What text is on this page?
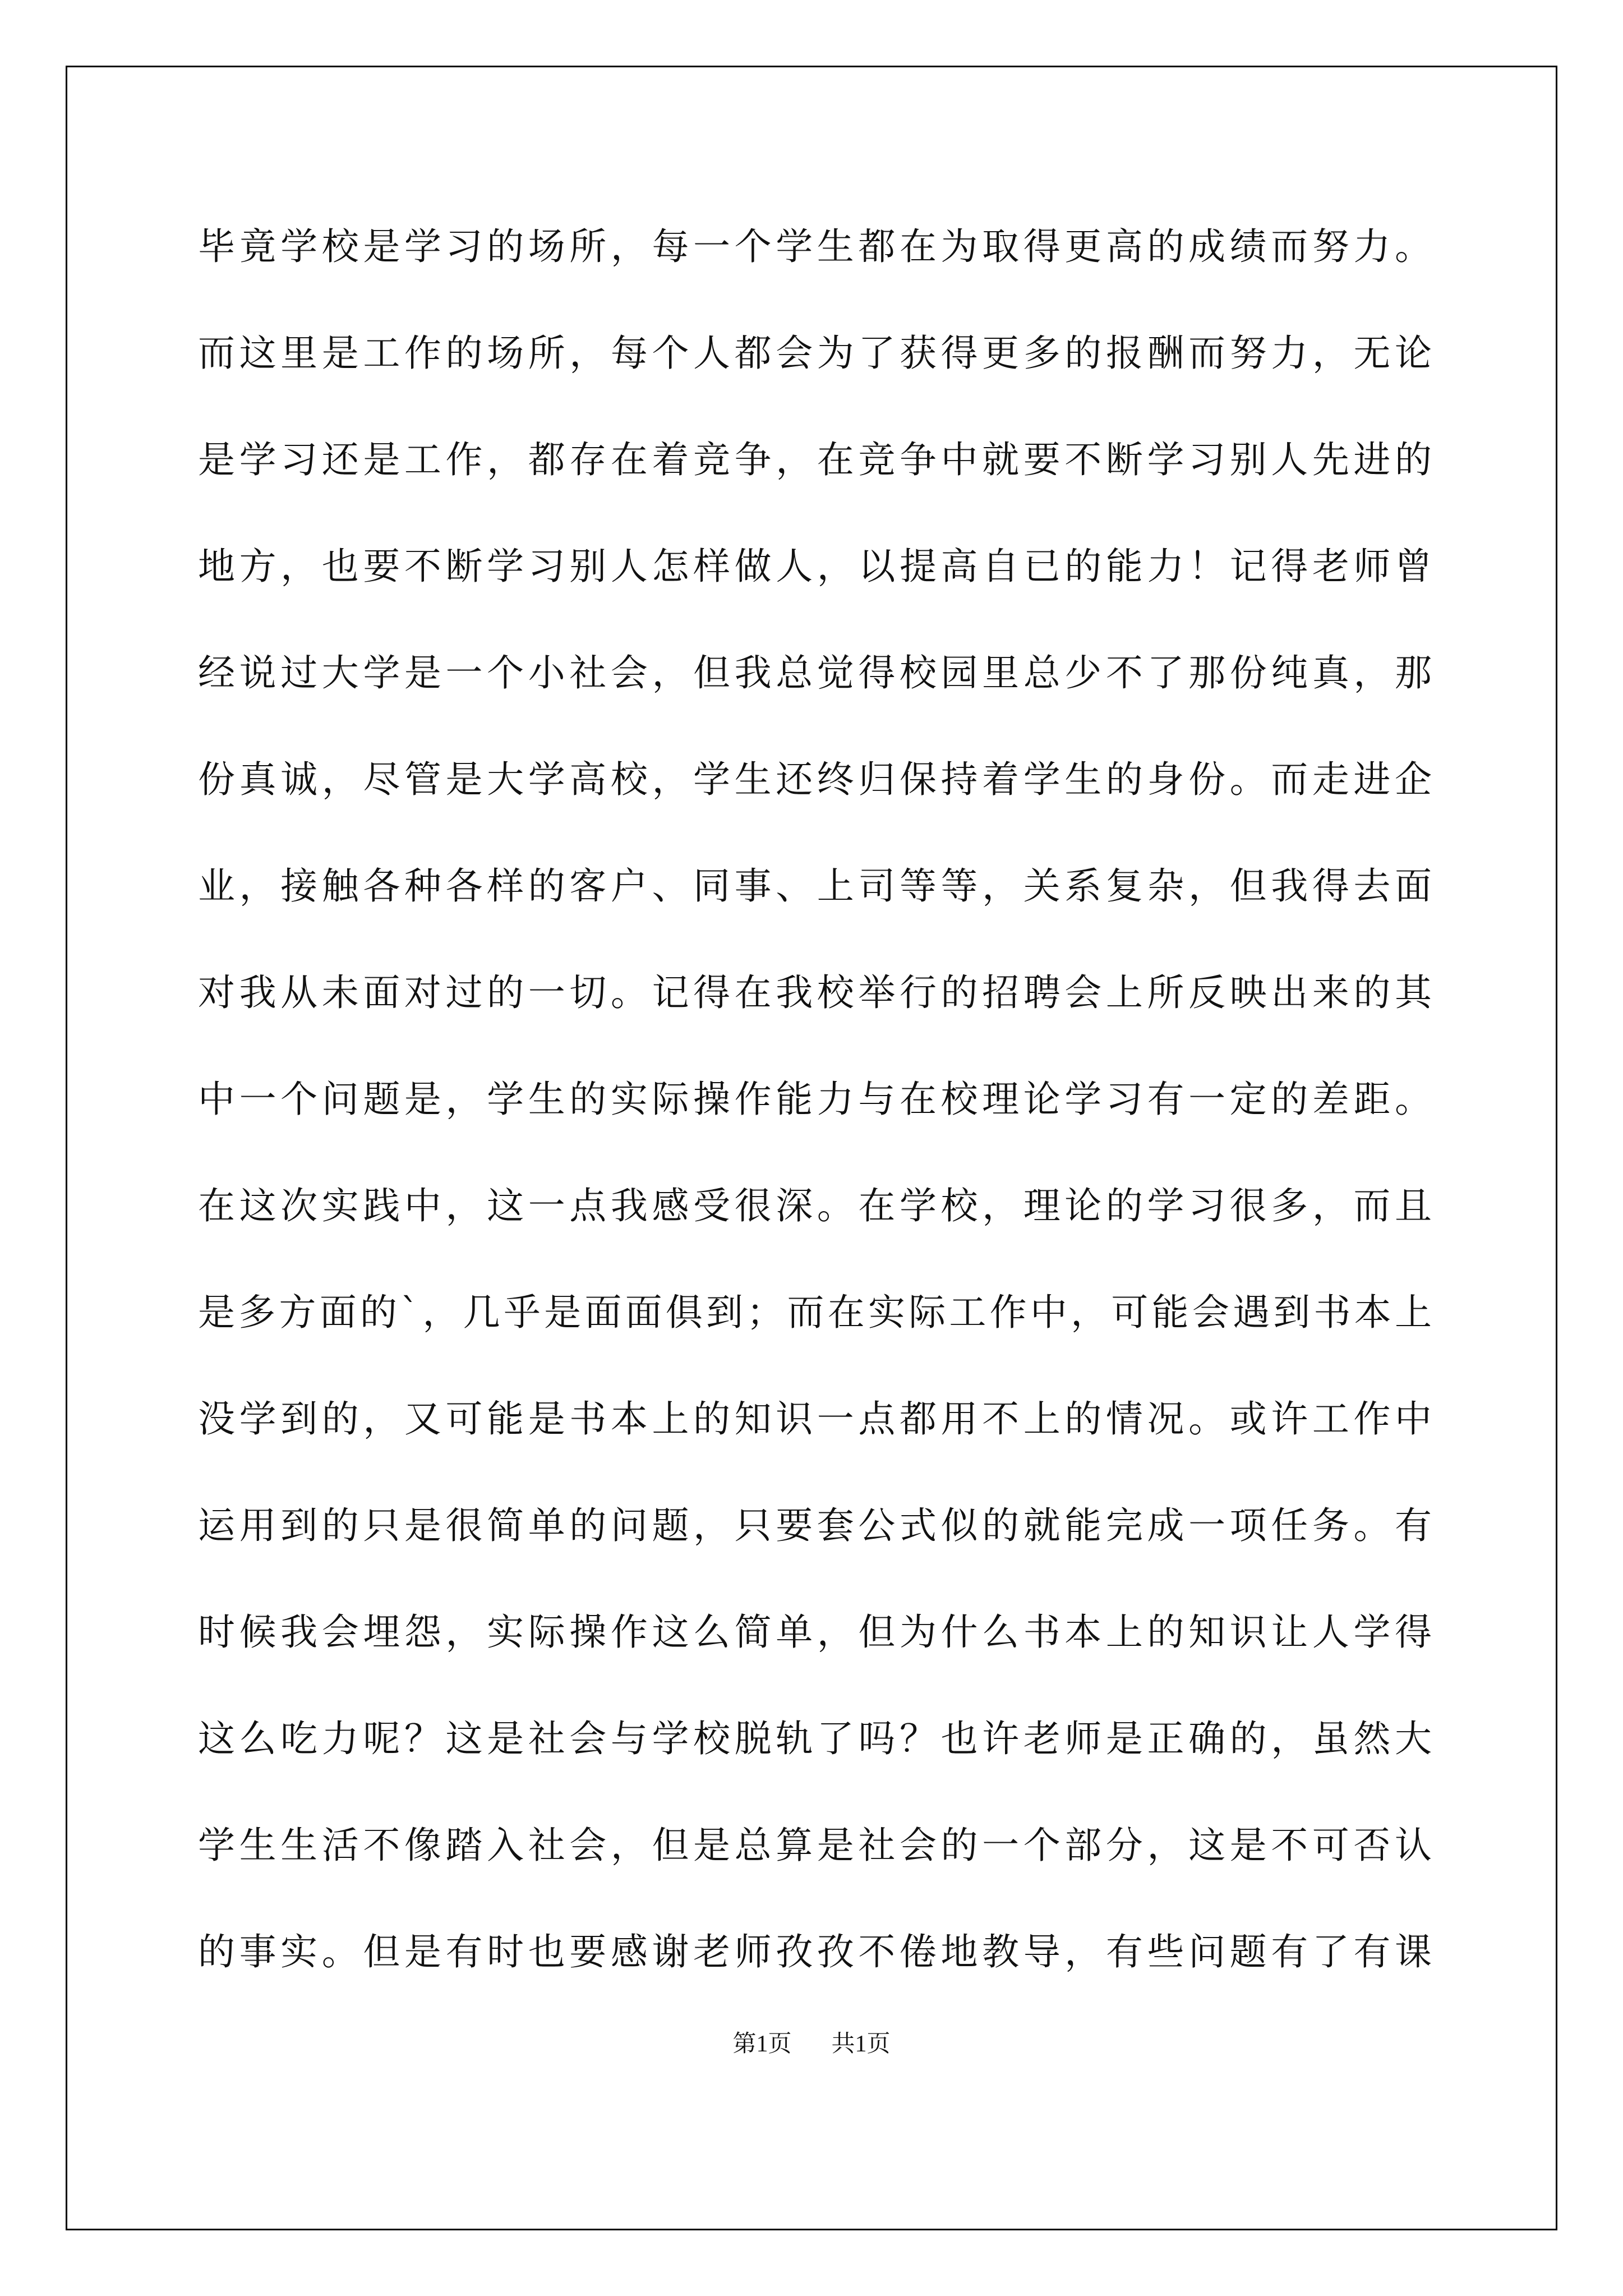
毕竟学校是学习的场所，每一个学生都在为取得更高的成绩而努力。
而这里是工作的场所，每个人都会为了获得更多的报酬而努力，无论
是学习还是工作，都存在着竞争，在竞争中就要不断学习别人先进的
地方，也要不断学习别人怎样做人，以提高自已的能力！记得老师曾
经说过大学是一个小社会，但我总觉得校园里总少不了那份纯真，那
份真诚，尽管是大学高校，学生还终归保持着学生的身份。而走进企
业，接触各种各样的客户、同事、上司等等，关系复杂，但我得去面
对我从未面对过的一切。记得在我校举行的招聘会上所反映出来的其
中一个问题是，学生的实际操作能力与在校理论学习有一定的差距。
在这次实践中，这一点我感受很深。在学校，理论的学习很多，而且
是多方面的`，几乎是面面俱到；而在实际工作中，可能会遇到书本上
没学到的，又可能是书本上的知识一点都用不上的情况。或许工作中
运用到的只是很简单的问题，只要套公式似的就能完成一项任务。有
时候我会埋怨，实际操作这么简单，但为什么书本上的知识让人学得
这么吃力呢？这是社会与学校脱轨了吗？也许老师是正确的，虽然大
学生生活不像踏入社会，但是总算是社会的一个部分，这是不可否认
的事实。但是有时也要感谢老师孜孜不倦地教导，有些问题有了有课
第1页 共1页
